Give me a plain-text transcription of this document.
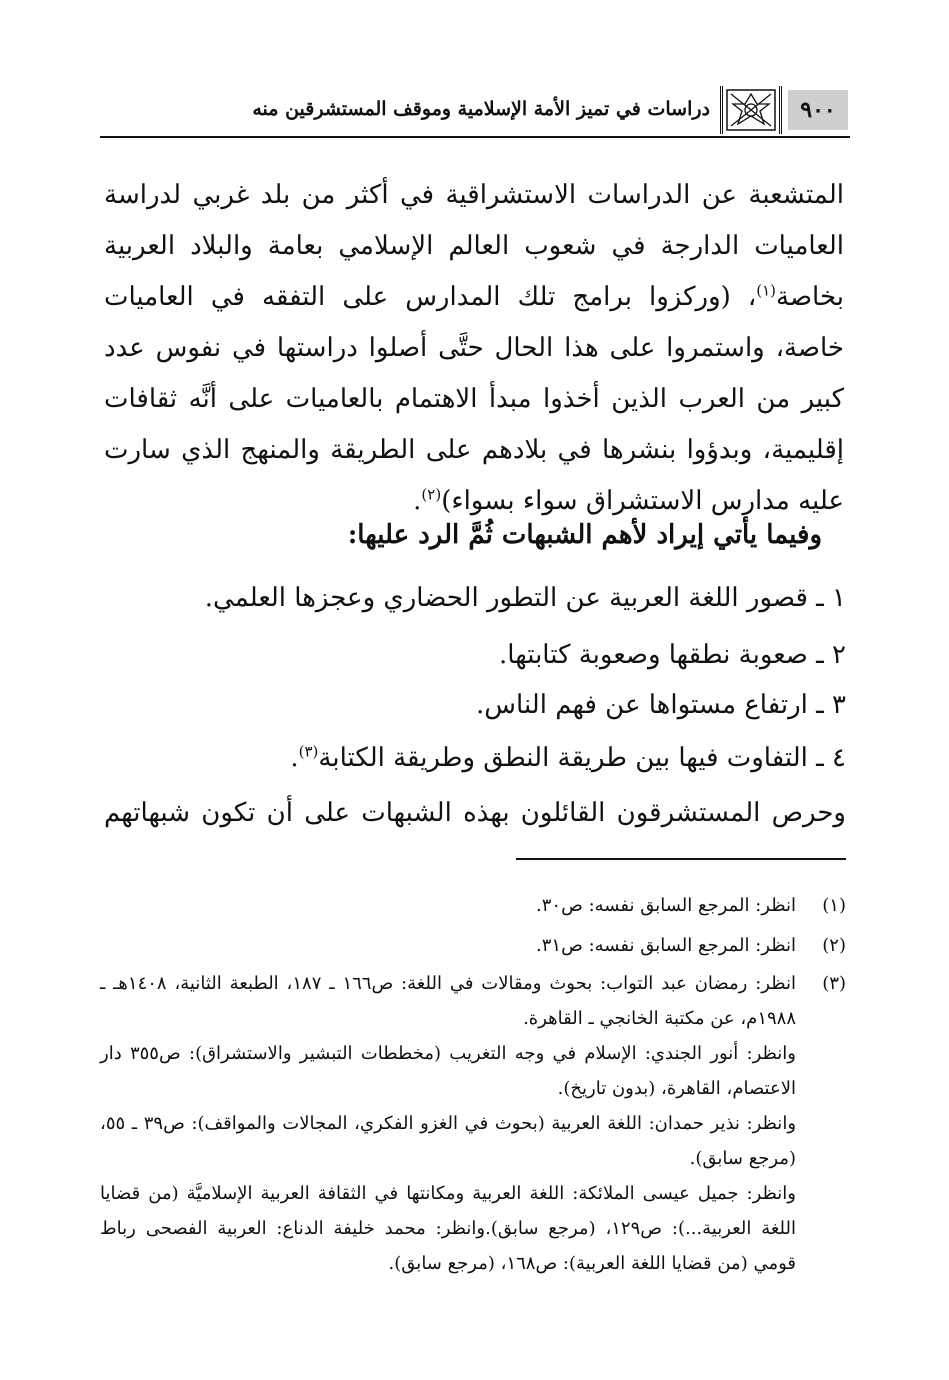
دراسات في تميز الأمة الإسلامية وموقف المستشرقين منه	٩٠٠

المتشعبة عن الدراسات الاستشراقية في أكثر من بلد غربي لدراسة العاميات الدارجة في شعوب العالم الإسلامي بعامة والبلاد العربية بخاصة$^{(١)}$، (وركزوا برامج تلك المدارس على التفقه في العاميات خاصة، واستمروا على هذا الحال حتَّى أصلوا دراستها في نفوس عدد كبير من العرب الذين أخذوا مبدأ الاهتمام بالعاميات على أنَّه ثقافات إقليمية، وبدؤوا بنشرها في بلادهم على الطريقة والمنهج الذي سارت عليه مدارس الاستشراق سواء بسواء)$^{(٢)}$.

وفيما يأتي إيراد لأهم الشبهات ثُمَّ الرد عليها:
١ ـ قصور اللغة العربية عن التطور الحضاري وعجزها العلمي.
٢ ـ صعوبة نطقها وصعوبة كتابتها.
٣ ـ ارتفاع مستواها عن فهم الناس.
٤ ـ التفاوت فيها بين طريقة النطق وطريقة الكتابة$^{(٣)}$.
وحرص المستشرقون القائلون بهذه الشبهات على أن تكون شبهاتهم
(١)

انظر: المرجع السابق نفسه: ص٣٠.

(٢)

انظر: المرجع السابق نفسه: ص٣١.

(٣)

انظر: رمضان عبد التواب: بحوث ومقالات في اللغة: ص١٦٦ ـ ١٨٧، الطبعة الثانية، ١٤٠٨هـ ـ ١٩٨٨م، عن مكتبة الخانجي ـ القاهرة.

وانظر: أنور الجندي: الإسلام في وجه التغريب (مخططات التبشير والاستشراق): ص٣٥٥ دار الاعتصام، القاهرة، (بدون تاريخ).

وانظر: نذير حمدان: اللغة العربية (بحوث في الغزو الفكري، المجالات والمواقف): ص٣٩ ـ ٥٥، (مرجع سابق).

وانظر: جميل عيسى الملائكة: اللغة العربية ومكانتها في الثقافة العربية الإسلاميَّة (من قضايا اللغة العربية...): ص١٢٩، (مرجع سابق).وانظر: محمد خليفة الدناع: العربية الفصحى رباط قومي (من قضايا اللغة العربية): ص١٦٨، (مرجع سابق).
